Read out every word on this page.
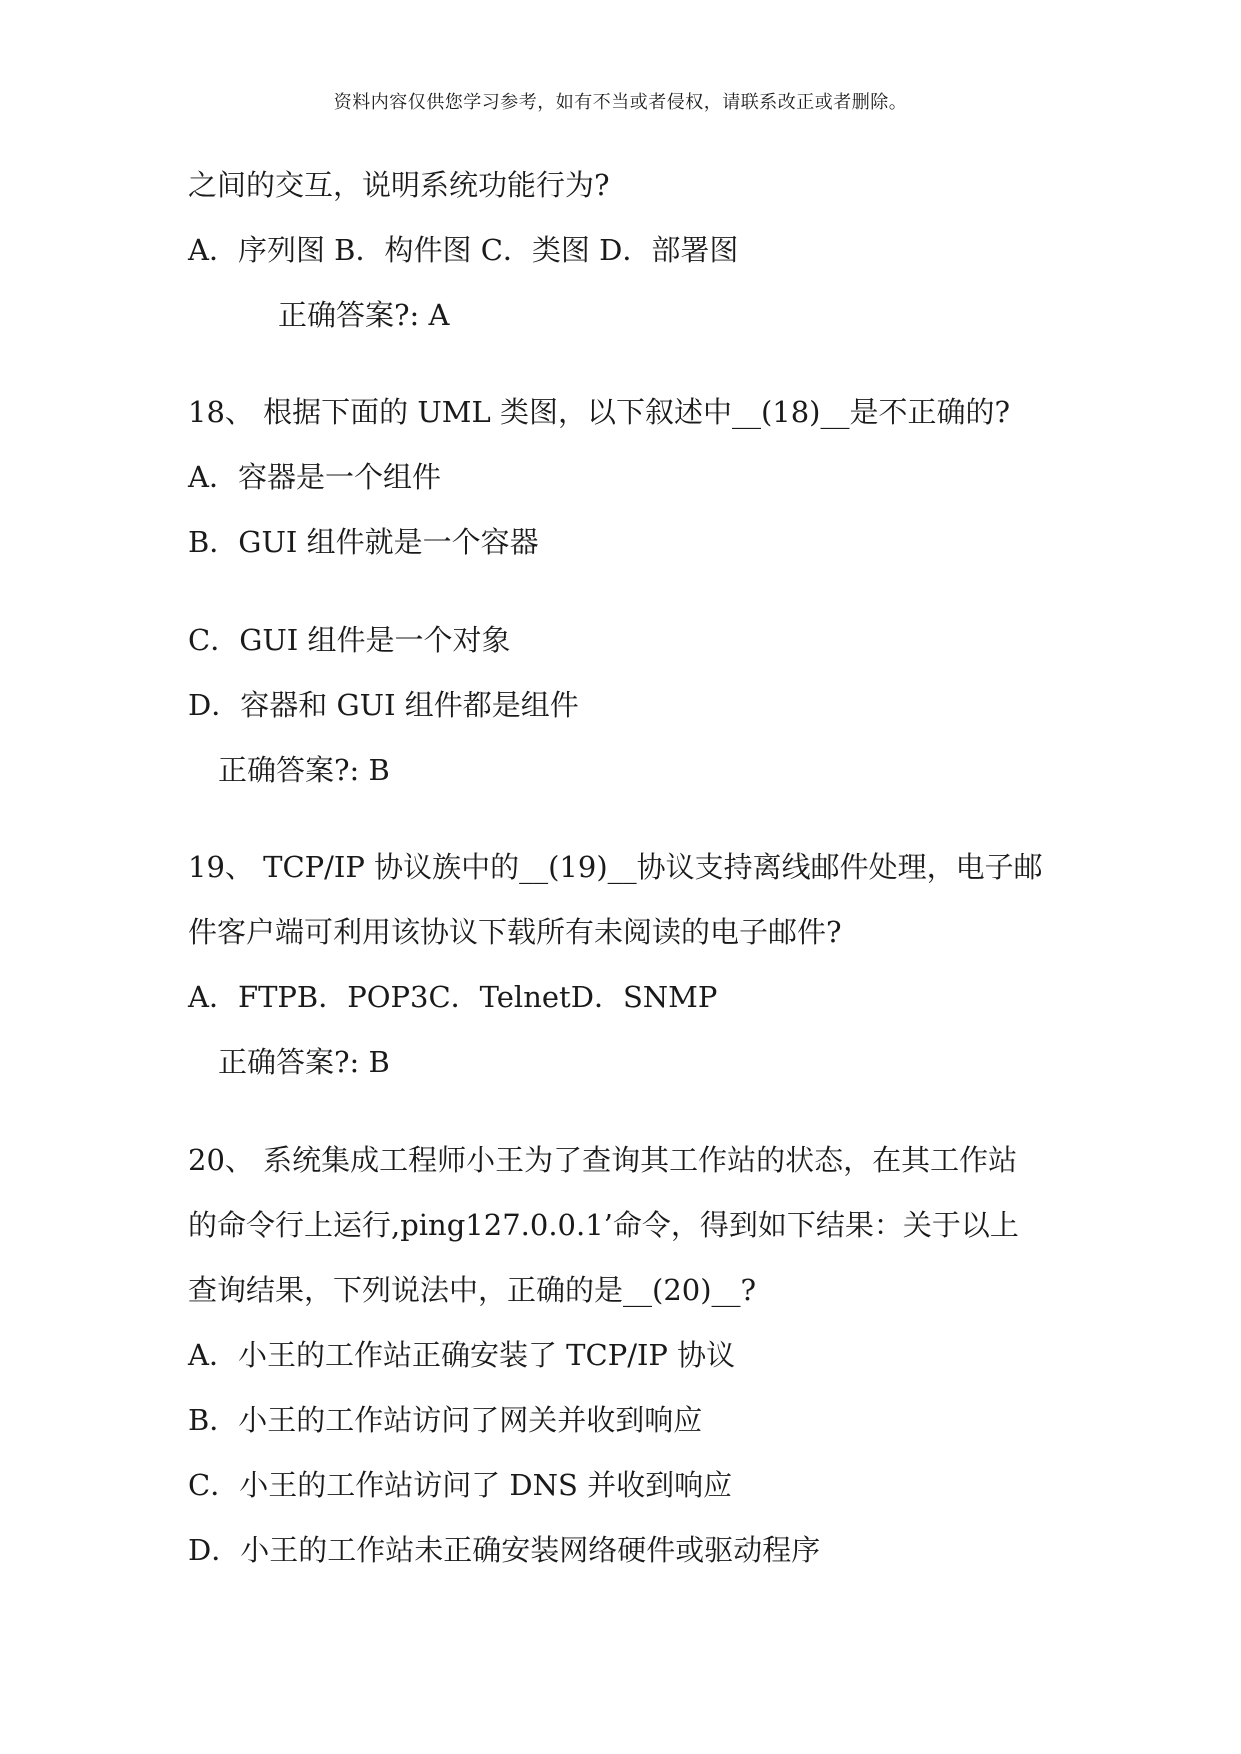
资料内容仅供您学习参考，如有不当或者侵权，请联系改正或者删除。
之间的交互，说明系统功能行为?
A．序列图 B．构件图 C．类图 D．部署图
正确答案?: A
18、 根据下面的 UML 类图，以下叙述中__(18)__是不正确的?
A．容器是一个组件
B．GUI 组件就是一个容器
C．GUI 组件是一个对象
D．容器和 GUI 组件都是组件
正确答案?: B
19、 TCP/IP 协议族中的__(19)__协议支持离线邮件处理，电子邮
件客户端可利用该协议下载所有未阅读的电子邮件?
A．FTPB．POP3C．TelnetD．SNMP
正确答案?: B
20、 系统集成工程师小王为了查询其工作站的状态，在其工作站
的命令行上运行,ping127.0.0.1’命令，得到如下结果：关于以上
查询结果，下列说法中，正确的是__(20)__?
A．小王的工作站正确安装了 TCP/IP 协议
B．小王的工作站访问了网关并收到响应
C．小王的工作站访问了 DNS 并收到响应
D．小王的工作站未正确安装网络硬件或驱动程序
